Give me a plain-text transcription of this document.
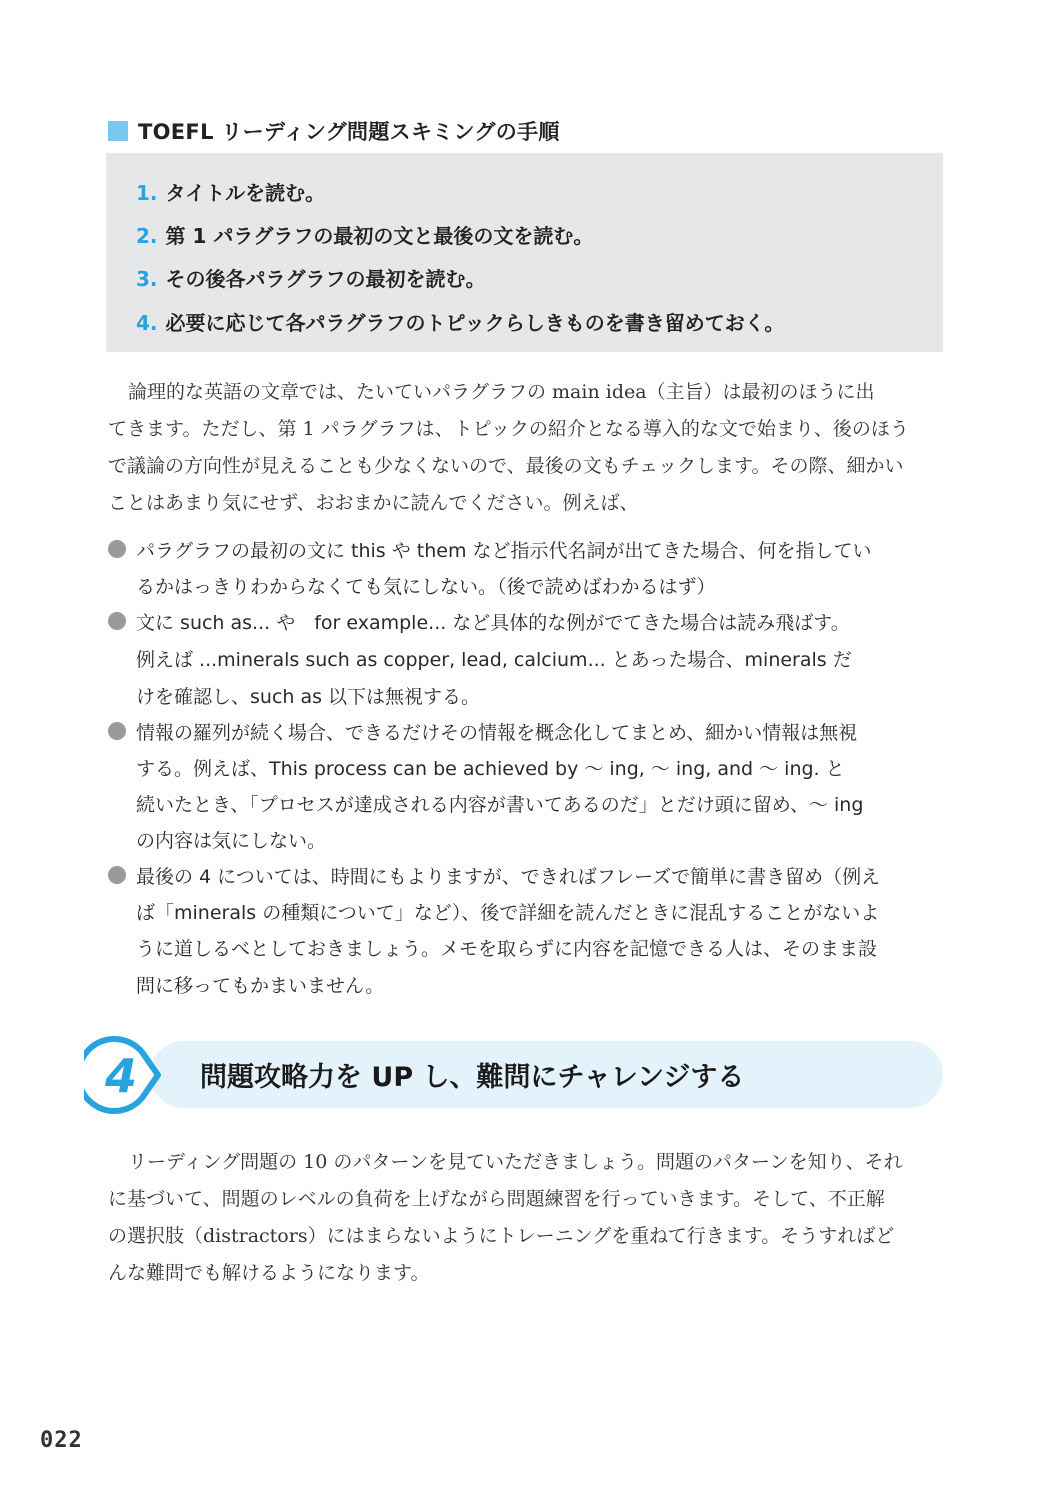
TOEFL リーディング問題スキミングの手順
1. タイトルを読む。
2. 第 1 パラグラフの最初の文と最後の文を読む。
3. その後各パラグラフの最初を読む。
4. 必要に応じて各パラグラフのトピックらしきものを書き留めておく。
論理的な英語の文章では、たいていパラグラフの main idea（主旨）は最初のほうに出
てきます。ただし、第 1 パラグラフは、トピックの紹介となる導入的な文で始まり、後のほう
で議論の方向性が見えることも少なくないので、最後の文もチェックします。その際、細かい
ことはあまり気にせず、おおまかに読んでください。例えば、
パラグラフの最初の文に this や them など指示代名詞が出てきた場合、何を指してい
るかはっきりわからなくても気にしない。（後で読めばわかるはず）
文に such as... や　for example... など具体的な例がでてきた場合は読み飛ばす。
例えば ...minerals such as copper, lead, calcium... とあった場合、minerals だ
けを確認し、such as 以下は無視する。
情報の羅列が続く場合、できるだけその情報を概念化してまとめ、細かい情報は無視
する。例えば、This process can be achieved by ～ ing, ～ ing, and ～ ing. と
続いたとき、「プロセスが達成される内容が書いてあるのだ」とだけ頭に留め、～ ing
の内容は気にしない。
最後の 4 については、時間にもよりますが、できればフレーズで簡単に書き留め（例え
ば「minerals の種類について」など）、後で詳細を読んだときに混乱することがないよ
うに道しるべとしておきましょう。メモを取らずに内容を記憶できる人は、そのまま設
問に移ってもかまいません。
4 問題攻略力を UP し、難問にチャレンジする
リーディング問題の 10 のパターンを見ていただきましょう。問題のパターンを知り、それ
に基づいて、問題のレベルの負荷を上げながら問題練習を行っていきます。そして、不正解
の選択肢（distractors）にはまらないようにトレーニングを重ねて行きます。そうすればど
んな難問でも解けるようになります。
022
